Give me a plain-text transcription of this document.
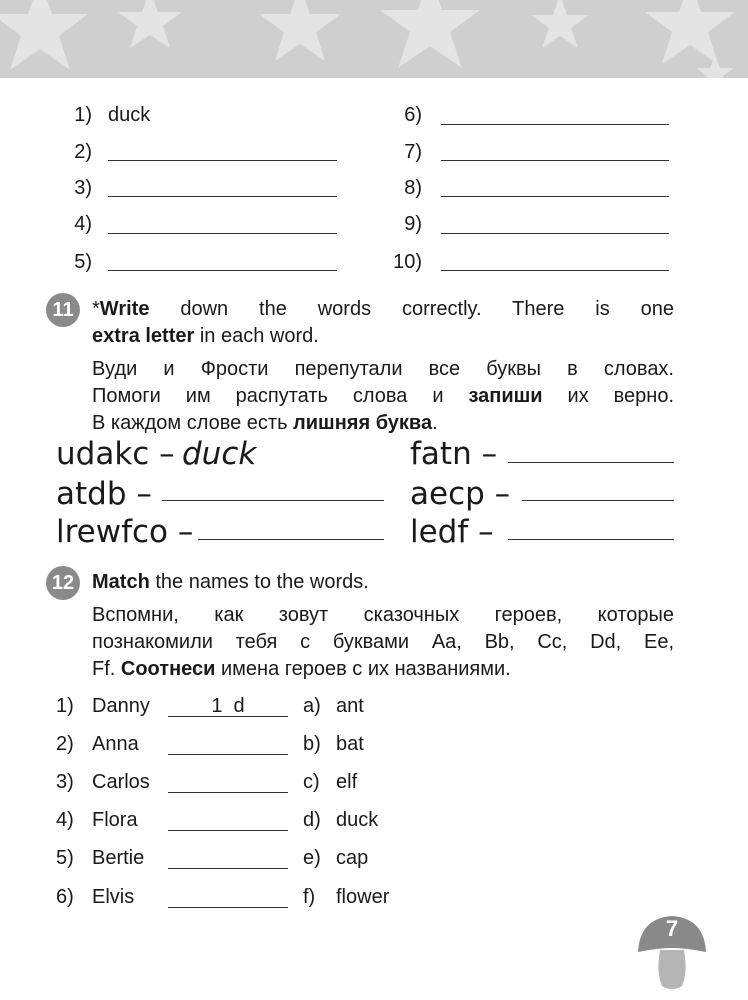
1) duck
2)
3)
4)
5)
6)
7)
8)
9)
10)
11 *Write down the words correctly. There is one
extra letter in each word.
Вуди и Фрости перепутали все буквы в словах.
Помоги им распутать слова и запиши их верно.
В каждом слове есть лишняя буква.
udakc – duck	fatn –
atdb –	aecp –
lrewfco –	ledf –
12 Match the names to the words.
Вспомни, как зовут сказочных героев, которые
познакомили тебя с буквами Aa, Bb, Cc, Dd, Ee,
Ff. Соотнеси имена героев с их названиями.
1) Danny	1  d	a) ant
2) Anna	b) bat
3) Carlos	c) elf
4) Flora	d) duck
5) Bertie	e) cap
6) Elvis	f) flower
7
